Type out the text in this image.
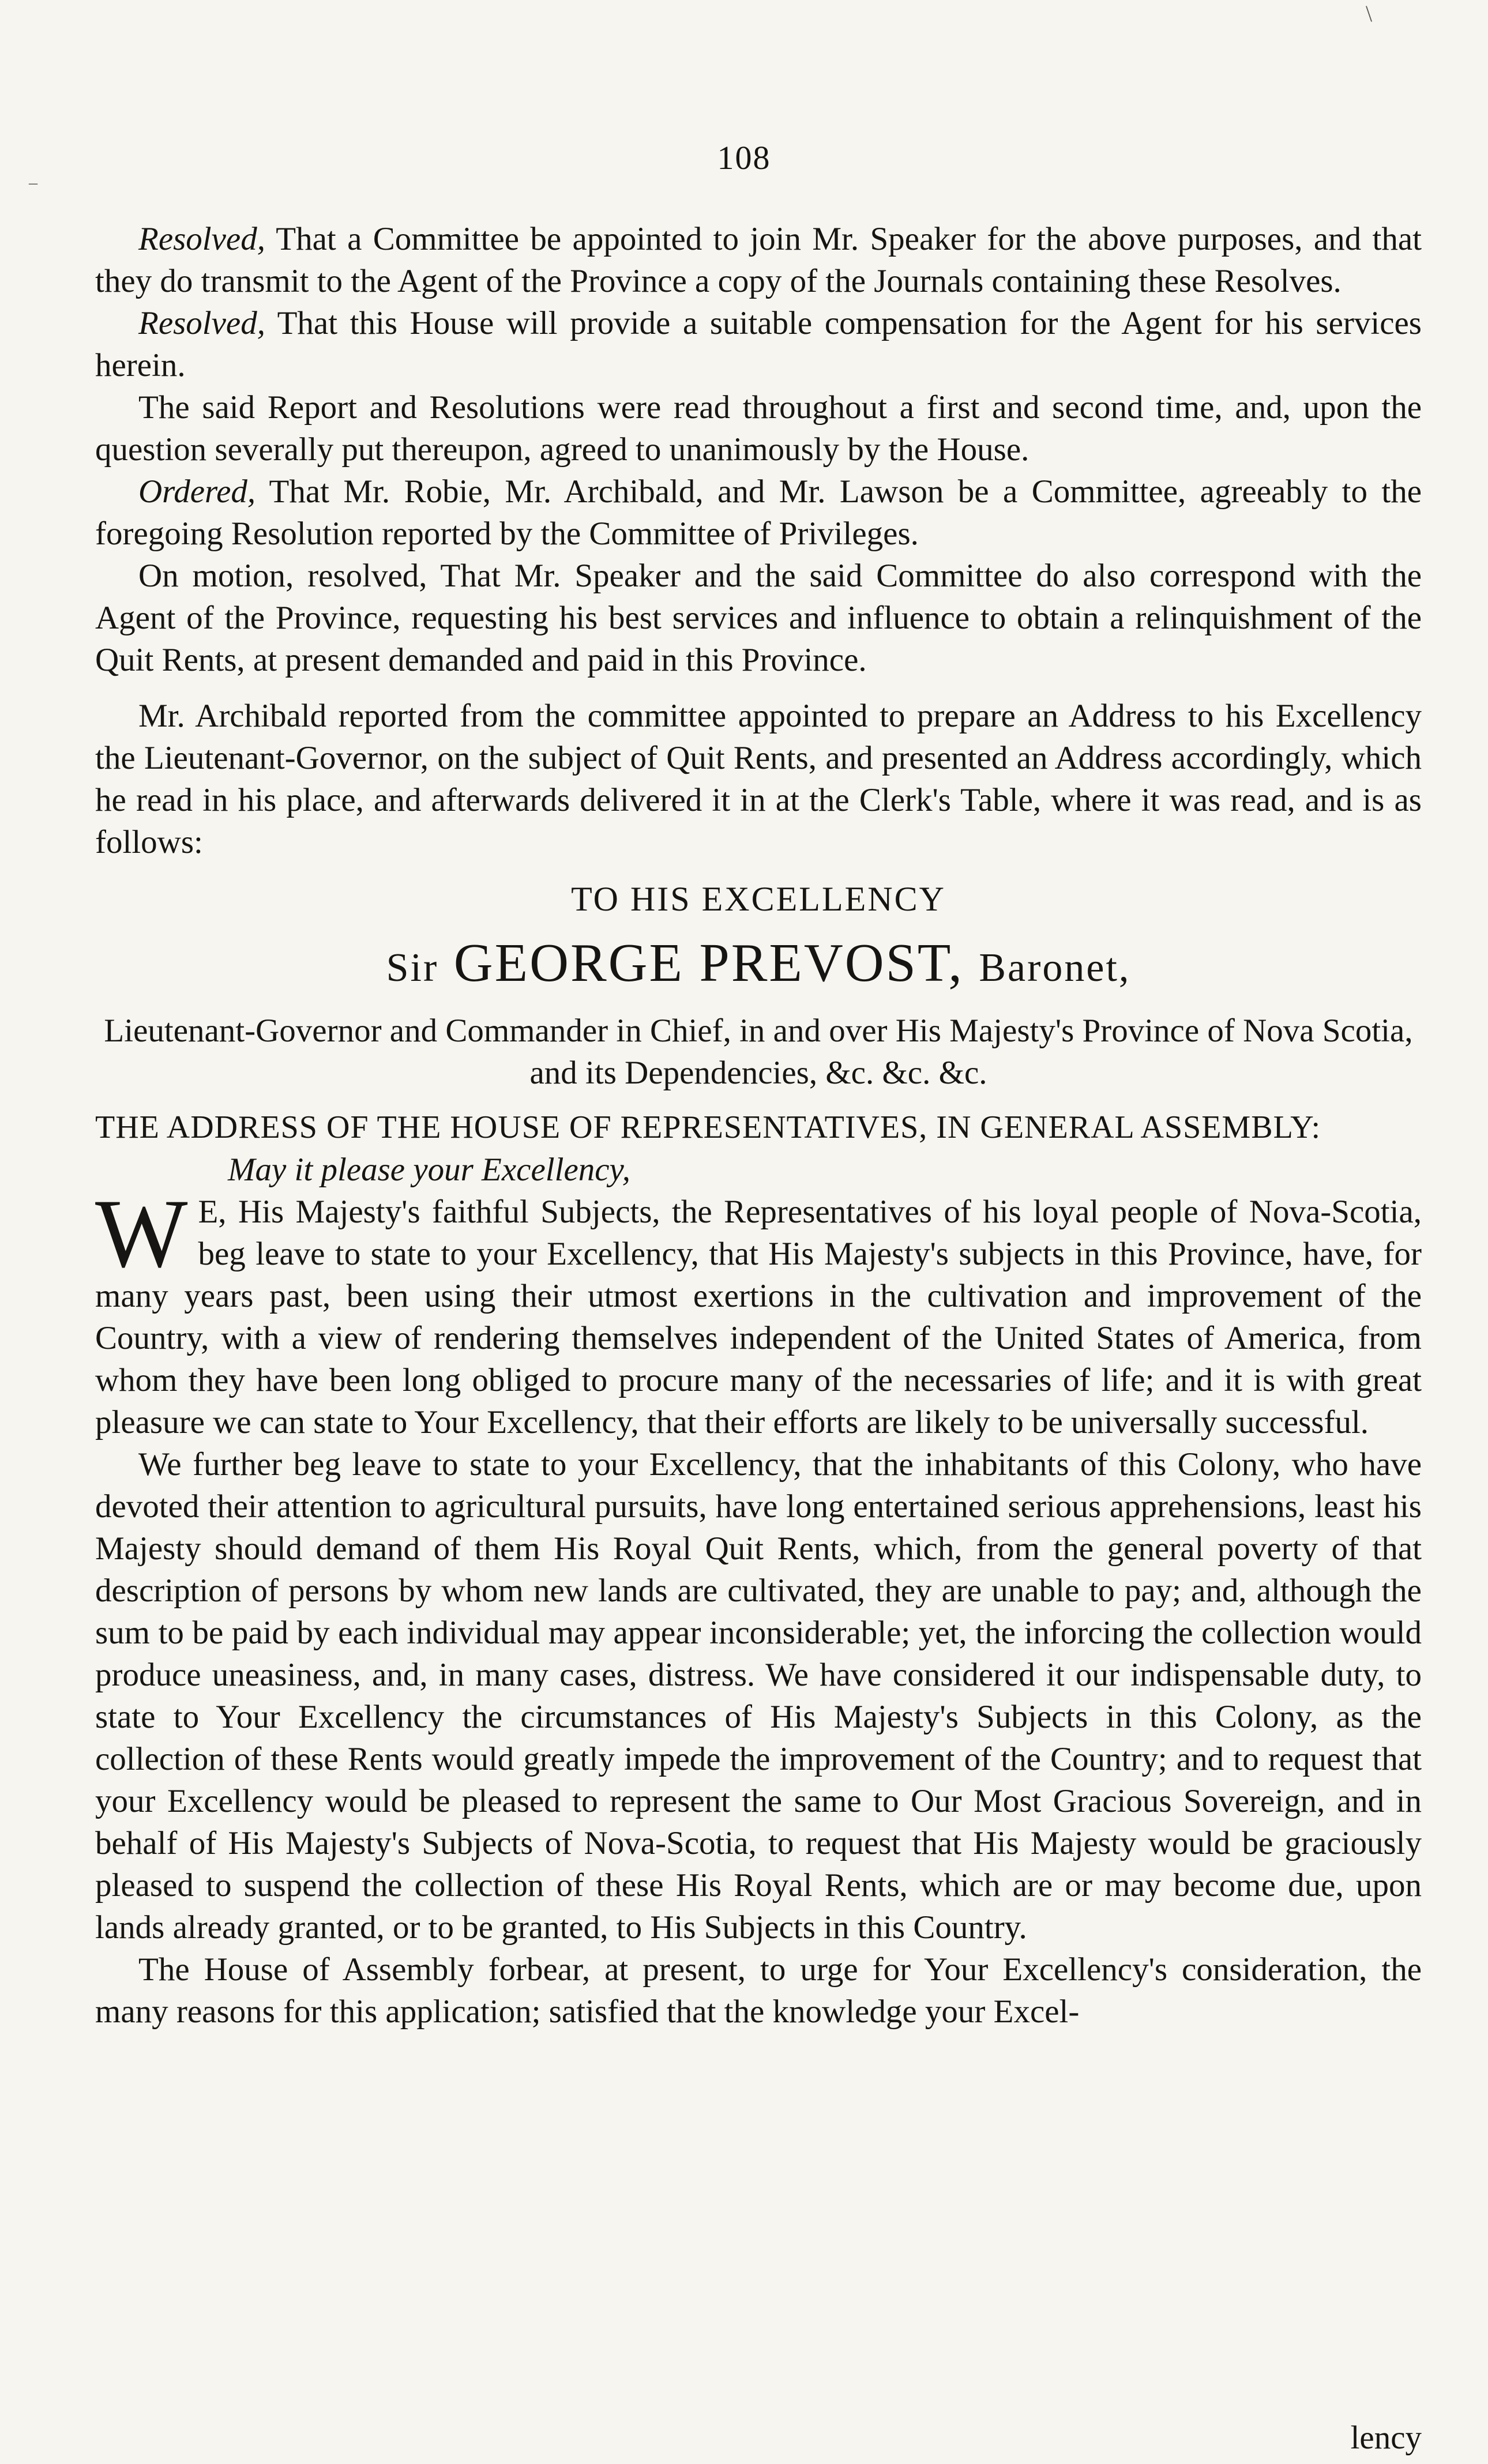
\
–
108

Resolved, That a Committee be appointed to join Mr. Speaker for the above purposes, and that they do transmit to the Agent of the Province a copy of the Journals containing these Resolves.

Resolved, That this House will provide a suitable compensation for the Agent for his services herein.

The said Report and Resolutions were read throughout a first and second time, and, upon the question severally put thereupon, agreed to unanimously by the House.

Ordered, That Mr. Robie, Mr. Archibald, and Mr. Lawson be a Committee, agreeably to the foregoing Resolution reported by the Committee of Privileges.

On motion, resolved, That Mr. Speaker and the said Committee do also correspond with the Agent of the Province, requesting his best services and influence to obtain a relinquishment of the Quit Rents, at present demanded and paid in this Province.

Mr. Archibald reported from the committee appointed to prepare an Address to his Excellency the Lieutenant-Governor, on the subject of Quit Rents, and presented an Address accordingly, which he read in his place, and afterwards delivered it in at the Clerk's Table, where it was read, and is as follows:

TO HIS EXCELLENCY

Sir GEORGE PREVOST, Baronet,

Lieutenant-Governor and Commander in Chief, in and over His Majesty's Province of Nova Scotia, and its Dependencies, &c. &c. &c.

THE ADDRESS OF THE HOUSE OF REPRESENTATIVES, IN GENERAL ASSEMBLY:

May it please your Excellency,

W E, His Majesty's faithful Subjects, the Representatives of his loyal people of Nova-Scotia, beg leave to state to your Excellency, that His Majesty's subjects in this Province, have, for many years past, been using their utmost exertions in the cultivation and improvement of the Country, with a view of rendering themselves independent of the United States of America, from whom they have been long obliged to procure many of the necessaries of life; and it is with great pleasure we can state to Your Excellency, that their efforts are likely to be universally successful.

We further beg leave to state to your Excellency, that the inhabitants of this Colony, who have devoted their attention to agricultural pursuits, have long entertained serious apprehensions, least his Majesty should demand of them His Royal Quit Rents, which, from the general poverty of that description of persons by whom new lands are cultivated, they are unable to pay; and, although the sum to be paid by each individual may appear inconsiderable; yet, the inforcing the collection would produce uneasiness, and, in many cases, distress. We have considered it our indispensable duty, to state to Your Excellency the circumstances of His Majesty's Subjects in this Colony, as the collection of these Rents would greatly impede the improvement of the Country; and to request that your Excellency would be pleased to represent the same to Our Most Gracious Sovereign, and in behalf of His Majesty's Subjects of Nova-Scotia, to request that His Majesty would be graciously pleased to suspend the collection of these His Royal Rents, which are or may become due, upon lands already granted, or to be granted, to His Subjects in this Country.

The House of Assembly forbear, at present, to urge for Your Excellency's consideration, the many reasons for this application; satisfied that the knowledge your Excel-

lency
